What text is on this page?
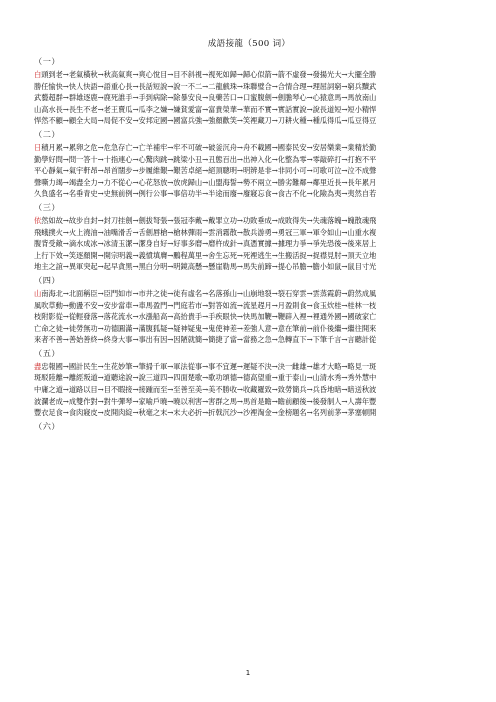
成語接龍（500 词）
（一）
白頭到老→老氣橫秋→秋高氣爽→爽心悅目→目不斜視→視死如歸→歸心似箭→箭不虛發→發揚光大→大擺全勝
勝任愉快→快人快語→語重心長→長話短說→說一不二→二龍戲珠→珠聯璧合→合情合理→理屈詞窮→窮兵黷武
武藝超群→群雄逐鹿→鹿死誰手→手到病除→除暴安良→良藥苦口→口蜜腹劍→劍膽琴心→心猿意馬→馬放南山
山高水長→長生不老→老王賣瓜→瓜李之嫌→嫌貧愛富→富貴榮華→華而不實→實話實說→說長道短→短小精悍
悍然不顧→顧全大局→局促不安→安邦定國→國富兵強→強顏歡笑→笑裡藏刀→刀耕火種→種瓜得瓜→瓜豆得豆
（二）
日積月累→累卵之危→危急存亡→亡羊補牢→牢不可破→破釜沉舟→舟不載國→國泰民安→安居樂業→業精於勤
勤學好問→問一答十→十指連心→心驚肉跳→跳梁小丑→丑態百出→出神入化→化整為零→零敲碎打→打抱不平
平心靜氣→氣宇軒昂→昂首闊步→步履維艱→艱苦卓絕→絕頂聰明→明辨是非→非同小可→可歌可泣→泣不成聲
聲嘶力竭→竭盡全力→力不從心→心花怒放→放虎歸山→山盟海誓→勢不兩立→勝劣難鄰→鄰里近長→長年累月
久負盛名→名垂青史→史無前例→例行公事→事倍功半→半途而廢→廢寢忘食→食古不化→化險為夷→夷然自若
（三）
依然如故→故步自封→封刀挂劍→劍拔弩張→張冠李戴→戴罪立功→功敗垂成→成敗得失→失魂落魄→魄散魂飛
飛蛾撲火→火上澆油→油嘴滑舌→舌劍唇槍→槍林彈雨→雲消霧散→散兵游勇→勇冠三軍→軍令如山→山重水複
腹背受敵→滴水成冰→冰清玉潔→潔身自好→好事多磨→磨杵成針→真憑實據→據理力爭→爭先恐後→後來居上
上行下效→笑逐顏開→開宗明義→義憤填膺→鵬程萬里→舍生忘死→死裡逃生→生搬活捉→捉襟見肘→頂天立地
地主之誼→異軍突起→起早貪黑→黑白分明→明鏡高懸→懸崖勒馬→馬失前蹄→提心吊膽→膽小如鼠→鼠目寸光
（四）
山南海北→北面稱臣→臣門如市→市井之徒→徒有虛名→名落孫山→山崩地裂→裂石穿雲→雲蒸霞蔚→蔚然成風
風吹草動→動盪不安→安步當車→車馬盈門→門庭若市→對答如流→流星趕月→月盈則食→食玉炊桂→桂林一枝
枝附影從→從輕發落→落花流水→水漲船高→高抬貴手→手疾眼快→快馬加鞭→鞭辟入裡→裡通外國→國破家亡
亡命之徒→徒勞無功→功德圓滿→滿腹狐疑→疑神疑鬼→鬼使神差→差強人意→意在筆前→前仆後繼→繼往開來
來者不善→善始善終→終身大事→事出有因→因陋就簡→簡捷了當→當務之急→急轉直下→下筆千言→言聽計從
（五）
盡忠報國→國計民生→生花妙筆→筆掃千軍→軍法從事→事不宜遲→遲疑不決→決一雌雄→雄才大略→略見一斑
斑駁陸離→離經叛道→道聽途說→說三道四→四面楚歌→歌功頌德→德高望重→重于泰山→山清水秀→秀外慧中
中庸之道→道路以目→目不暇接→接踵而至→至善至美→美不勝收→收藏羅致→致勞簡兵→兵昏地暗→暗送秋波
波瀾老成→成雙作對→對牛彈琴→家喻戶曉→曉以利害→害群之馬→馬首是瞻→瞻前顧後→後發制人→人壽年豐
豐衣足食→食肉寢皮→皮開肉綻→秋毫之末→末大必折→折戟沉沙→沙裡淘金→金榜題名→名列前茅→茅塞頓開
（六）
1
